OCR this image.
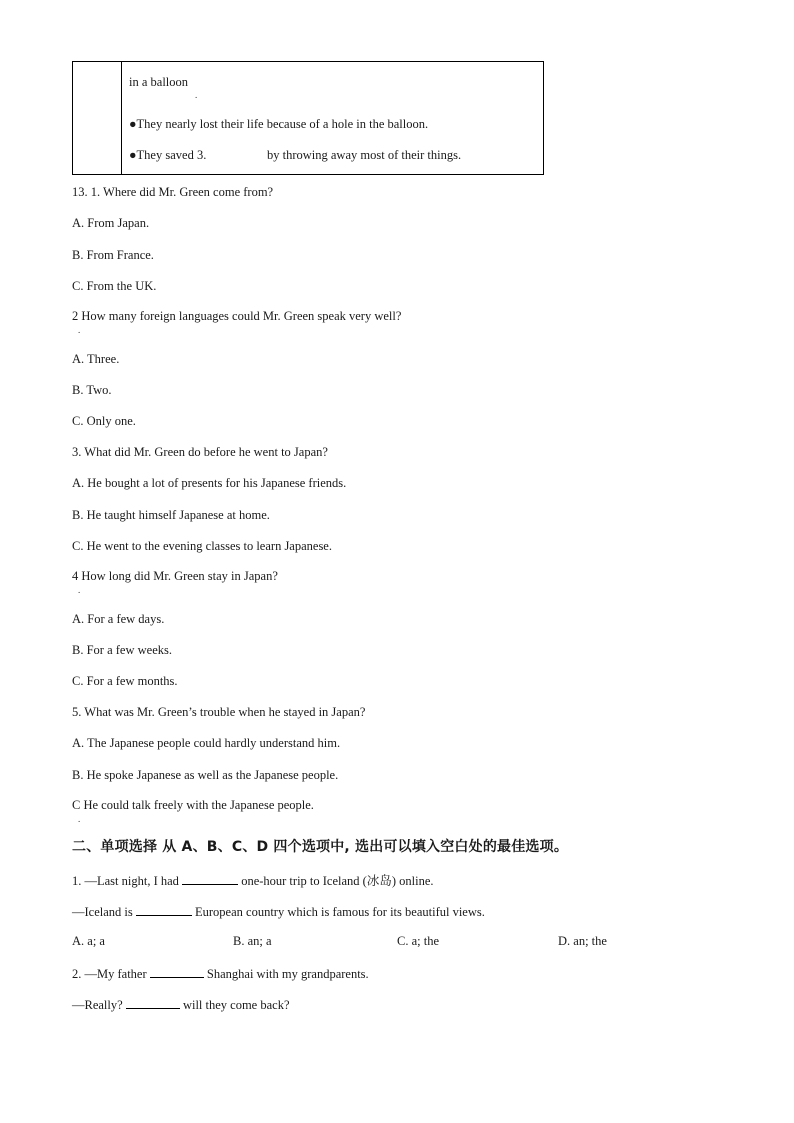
in a balloon
.
●They nearly lost their life because of a hole in the balloon.
●They saved 3.	by throwing away most of their things.
13. 1. Where did Mr. Green come from?
A. From Japan.
B. From France.
C. From the UK.
2 How many foreign languages could Mr. Green speak very well?
.
A. Three.
B. Two.
C. Only one.
3. What did Mr. Green do before he went to Japan?
A. He bought a lot of presents for his Japanese friends.
B. He taught himself Japanese at home.
C. He went to the evening classes to learn Japanese.
4 How long did Mr. Green stay in Japan?
.
A. For a few days.
B. For a few weeks.
C. For a few months.
5. What was Mr. Green’s trouble when he stayed in Japan?
A. The Japanese people could hardly understand him.
B. He spoke Japanese as well as the Japanese people.
C He could talk freely with the Japanese people.
.
二、单项选择 从 A、B、C、D 四个选项中, 选出可以填入空白处的最佳选项。
1. —Last night, I had	one-hour trip to Iceland (冰岛) online.
—Iceland is	European country which is famous for its beautiful views.
A. a; a	B. an; a	C. a; the	D. an; the
2. —My father	Shanghai with my grandparents.
—Really?	will they come back?
